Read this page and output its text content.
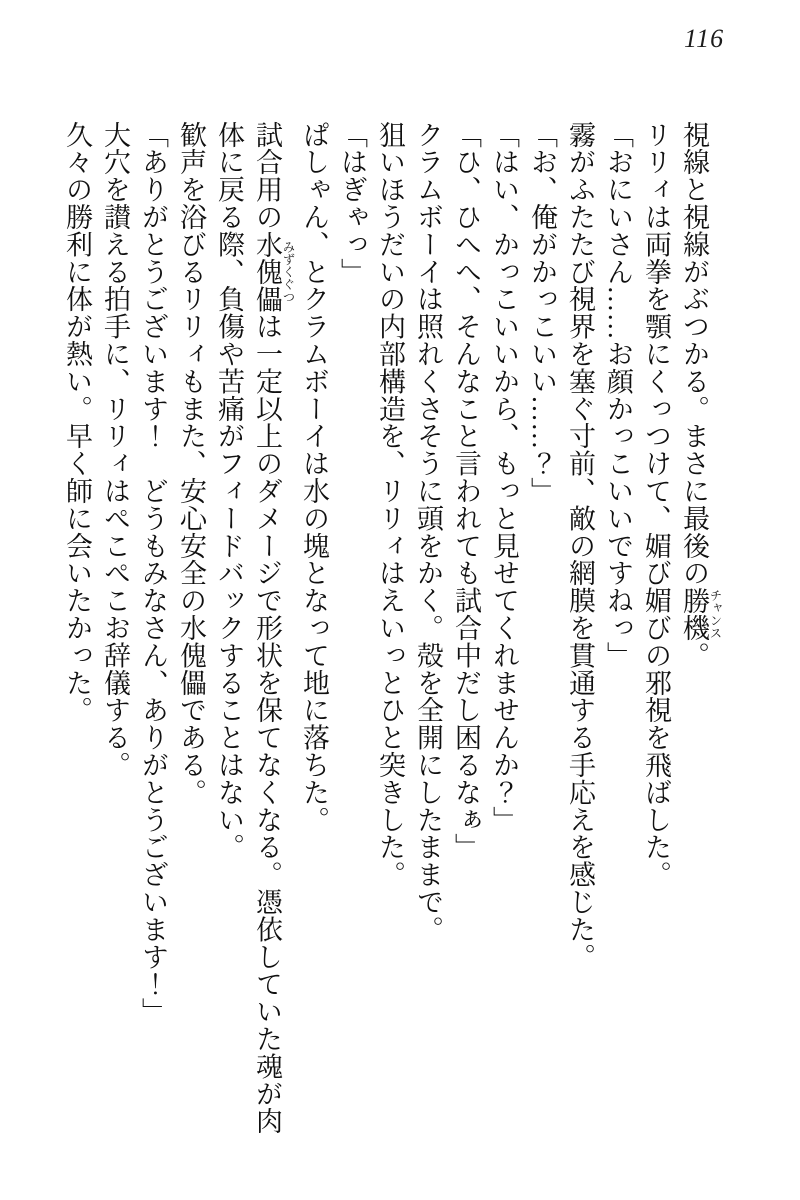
116

視線と視線がぶつかる。まさに最後の勝機 チャンス。

リリィは両拳を顎にくっつけて、媚び媚びの邪視を飛ばした。

「おにいさん……お顔かっこいいですねっ」

霧がふたたび視界を塞ぐ寸前、敵の網膜を貫通する手応えを感じた。

「お、俺がかっこいい……？」

「はい、かっこいいから、もっと見せてくれませんか？」

「ひ、ひへへ、そんなこと言われても試合中だし困るなぁ」

クラムボーイは照れくさそうに頭をかく。殻を全開にしたままで。

狙いほうだいの内部構造を、リリィはえいっとひと突きした。

「はぎゃっ」

ぱしゃん、とクラムボーイは水の塊となって地に落ちた。

試合用の水傀儡 みずくぐつは一定以上のダメージで形状を保てなくなる。憑依していた魂が肉

体に戻る際、負傷や苦痛がフィードバックすることはない。

歓声を浴びるリリィもまた、安心安全の水傀儡である。

「ありがとうございます！　どうもみなさん、ありがとうございます！」

大穴を讃える拍手に、リリィはぺこぺこお辞儀する。

久々の勝利に体が熱い。早く師に会いたかった。
